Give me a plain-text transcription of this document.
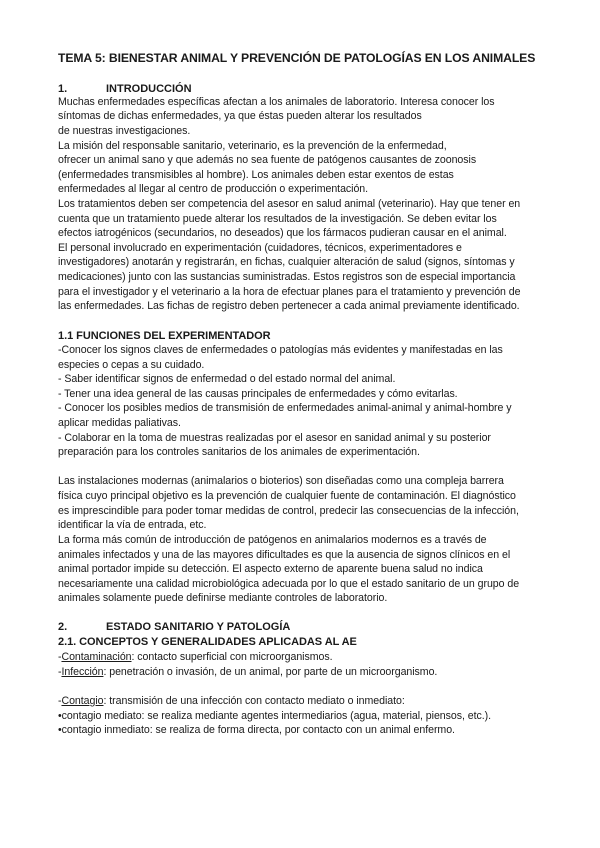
TEMA 5: BIENESTAR ANIMAL Y PREVENCIÓN DE PATOLOGÍAS EN LOS ANIMALES
1.	INTRODUCCIÓN
Muchas enfermedades específicas afectan a los animales de laboratorio. Interesa conocer los
síntomas de dichas enfermedades, ya que éstas pueden alterar los resultados
de nuestras investigaciones.
La misión del responsable sanitario, veterinario, es la prevención de la enfermedad,
ofrecer un animal sano y que además no sea fuente de patógenos causantes de zoonosis
(enfermedades transmisibles al hombre). Los animales deben estar exentos de estas
enfermedades al llegar al centro de producción o experimentación.
Los tratamientos deben ser competencia del asesor en salud animal (veterinario). Hay que tener en
cuenta que un tratamiento puede alterar los resultados de la investigación. Se deben evitar los
efectos iatrogénicos (secundarios, no deseados) que los fármacos pudieran causar en el animal.
El personal involucrado en experimentación (cuidadores, técnicos, experimentadores e
investigadores) anotarán y registrarán, en fichas, cualquier alteración de salud (signos, síntomas y
medicaciones) junto con las sustancias suministradas. Estos registros son de especial importancia
para el investigador y el veterinario a la hora de efectuar planes para el tratamiento y prevención de
las enfermedades. Las fichas de registro deben pertenecer a cada animal previamente identificado.
1.1 FUNCIONES DEL EXPERIMENTADOR
-Conocer los signos claves de enfermedades o patologías más evidentes y manifestadas en las
especies o cepas a su cuidado.
- Saber identificar signos de enfermedad o del estado normal del animal.
- Tener una idea general de las causas principales de enfermedades y cómo evitarlas.
- Conocer los posibles medios de transmisión de enfermedades animal-animal y animal-hombre y
aplicar medidas paliativas.
- Colaborar en la toma de muestras realizadas por el asesor en sanidad animal y su posterior
preparación para los controles sanitarios de los animales de experimentación.
Las instalaciones modernas (animalarios o bioterios) son diseñadas como una compleja barrera
física cuyo principal objetivo es la prevención de cualquier fuente de contaminación. El diagnóstico
es imprescindible para poder tomar medidas de control, predecir las consecuencias de la infección,
identificar la vía de entrada, etc.
La forma más común de introducción de patógenos en animalarios modernos es a través de
animales infectados y una de las mayores dificultades es que la ausencia de signos clínicos en el
animal portador impide su detección. El aspecto externo de aparente buena salud no indica
necesariamente una calidad microbiológica adecuada por lo que el estado sanitario de un grupo de
animales solamente puede definirse mediante controles de laboratorio.
2.	ESTADO SANITARIO Y PATOLOGÍA
2.1. CONCEPTOS Y GENERALIDADES APLICADAS AL AE
-Contaminación: contacto superficial con microorganismos.
-Infección: penetración o invasión, de un animal, por parte de un microorganismo.
-Contagio: transmisión de una infección con contacto mediato o inmediato:
•contagio mediato: se realiza mediante agentes intermediarios (agua, material, piensos, etc.).
•contagio inmediato: se realiza de forma directa, por contacto con un animal enfermo.
